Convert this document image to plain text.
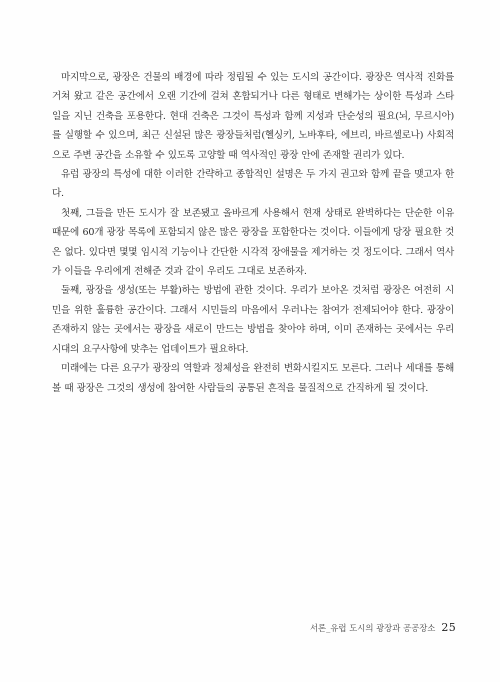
마지막으로, 광장은 건물의 배경에 따라 정립될 수 있는 도시의 공간이다. 광장은 역사적 진화를 거쳐 왔고 같은 공간에서 오랜 기간에 걸쳐 혼합되거나 다른 형태로 변해가는 상이한 특성과 스타일을 지닌 건축을 포용한다. 현대 건축은 그것이 특성과 함께 지성과 단순성의 필요(뇌, 무르시아)를 실행할 수 있으며, 최근 신설된 많은 광장들처럼(헬싱키, 노바후타, 에브리, 바르셀로나) 사회적으로 주변 공간을 소유할 수 있도록 고양할 때 역사적인 광장 안에 존재할 권리가 있다.

유럽 광장의 특성에 대한 이러한 간략하고 종합적인 설명은 두 가지 권고와 함께 끝을 맺고자 한다.

첫째, 그들을 만든 도시가 잘 보존됐고 올바르게 사용해서 현재 상태로 완벽하다는 단순한 이유 때문에 60개 광장 목록에 포함되지 않은 많은 광장을 포함한다는 것이다. 이들에게 당장 필요한 것은 없다. 있다면 몇몇 임시적 기능이나 간단한 시각적 장애물을 제거하는 것 정도이다. 그래서 역사가 이들을 우리에게 전해준 것과 같이 우리도 그대로 보존하자.

둘째, 광장을 생성(또는 부활)하는 방법에 관한 것이다. 우리가 보아온 것처럼 광장은 여전히 시민을 위한 훌륭한 공간이다. 그래서 시민들의 마음에서 우러나는 참여가 전제되어야 한다. 광장이 존재하지 않는 곳에서는 광장을 새로이 만드는 방법을 찾아야 하며, 이미 존재하는 곳에서는 우리 시대의 요구사항에 맞추는 업데이트가 필요하다.

미래에는 다른 요구가 광장의 역할과 정체성을 완전히 변화시킬지도 모른다. 그러나 세대를 통해 볼 때 광장은 그것의 생성에 참여한 사람들의 공통된 흔적을 물질적으로 간직하게 될 것이다.

서론_유럽 도시의 광장과 공공장소 25
